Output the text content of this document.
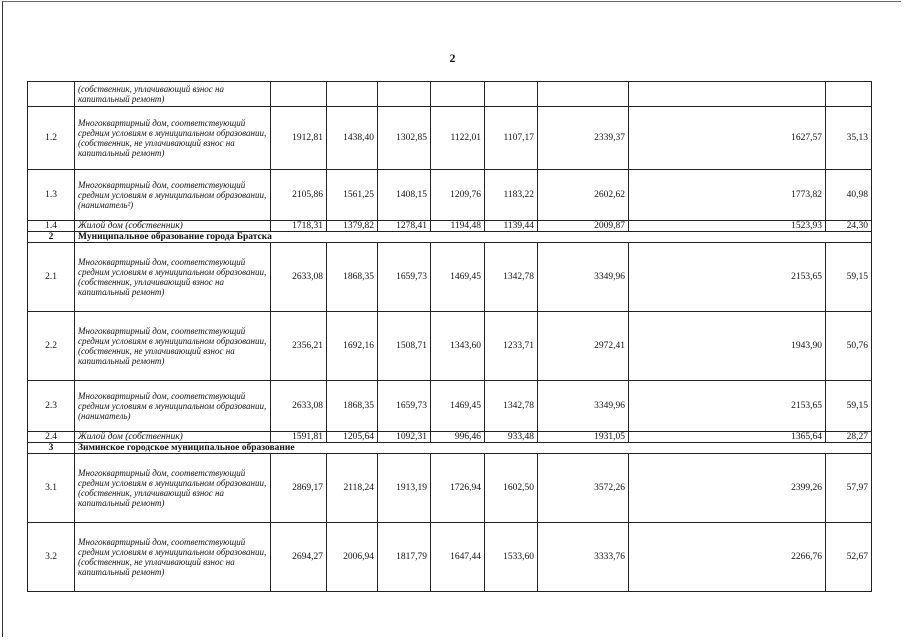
2
	(собственник, уплачивающий взнос на капитальный ремонт)								
1.2	Многоквартирный дом, соответствующий средним условиям в муниципальном образовании, (собственник, не уплачивающий взнос на капитальный ремонт)	1912,81	1438,40	1302,85	1122,01	1107,17	2339,37	1627,57	35,13
1.3	Многоквартирный дом, соответствующий средним условиям в муниципальном образовании, (наниматель²)	2105,86	1561,25	1408,15	1209,76	1183,22	2602,62	1773,82	40,98
1.4	Жилой дом (собственник)	1718,31	1379,82	1278,41	1194,48	1139,44	2009,87	1523,93	24,30
2	Муниципальное образование города Братска								
2.1	Многоквартирный дом, соответствующий средним условиям в муниципальном образовании, (собственник, уплачивающий взнос на капитальный ремонт)	2633,08	1868,35	1659,73	1469,45	1342,78	3349,96	2153,65	59,15
2.2	Многоквартирный дом, соответствующий средним условиям в муниципальном образовании, (собственник, не уплачивающий взнос на капитальный ремонт)	2356,21	1692,16	1508,71	1343,60	1233,71	2972,41	1943,90	50,76
2.3	Многоквартирный дом, соответствующий средним условиям в муниципальном образовании, (наниматель)	2633,08	1868,35	1659,73	1469,45	1342,78	3349,96	2153,65	59,15
2.4	Жилой дом (собственник)	1591,81	1205,64	1092,31	996,46	933,48	1931,05	1365,64	28,27
3	Зиминское городское муниципальное образование								
3.1	Многоквартирный дом, соответствующий средним условиям в муниципальном образовании, (собственник, уплачивающий взнос на капитальный ремонт)	2869,17	2118,24	1913,19	1726,94	1602,50	3572,26	2399,26	57,97
3.2	Многоквартирный дом, соответствующий средним условиям в муниципальном образовании, (собственник, не уплачивающий взнос на капитальный ремонт)	2694,27	2006,94	1817,79	1647,44	1533,60	3333,76	2266,76	52,67
